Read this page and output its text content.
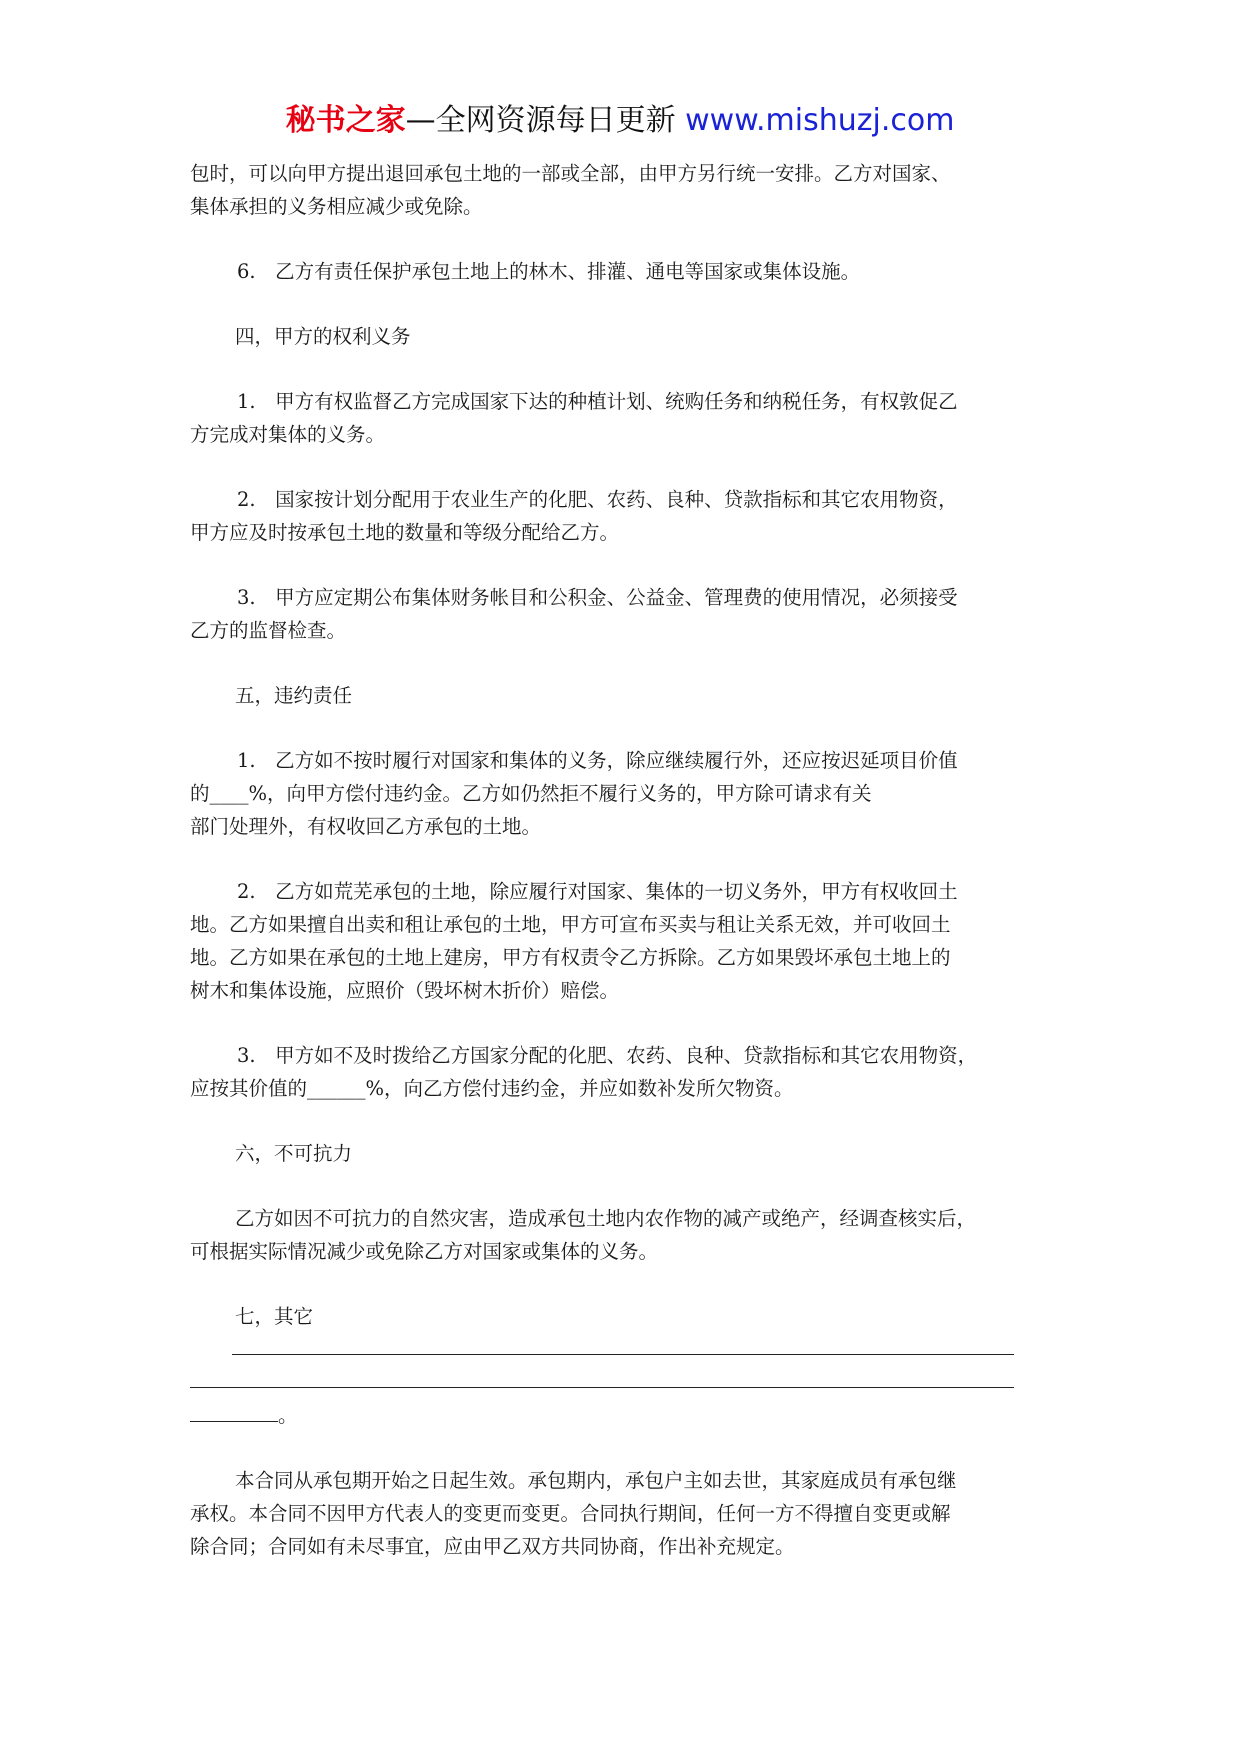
秘书之家—全网资源每日更新 www.mishuzj.com
包时，可以向甲方提出退回承包土地的一部或全部，由甲方另行统一安排。乙方对国家、
集体承担的义务相应减少或免除。
6.　乙方有责任保护承包土地上的林木、排灌、通电等国家或集体设施。
四，甲方的权利义务
1.　甲方有权监督乙方完成国家下达的种植计划、统购任务和纳税任务，有权敦促乙
方完成对集体的义务。
2.　国家按计划分配用于农业生产的化肥、农药、良种、贷款指标和其它农用物资，
甲方应及时按承包土地的数量和等级分配给乙方。
3.　甲方应定期公布集体财务帐目和公积金、公益金、管理费的使用情况，必须接受
乙方的监督检查。
五，违约责任
1.　乙方如不按时履行对国家和集体的义务，除应继续履行外，还应按迟延项目价值
的____%，向甲方偿付违约金。乙方如仍然拒不履行义务的，甲方除可请求有关
部门处理外，有权收回乙方承包的土地。
2.　乙方如荒芜承包的土地，除应履行对国家、集体的一切义务外，甲方有权收回土
地。乙方如果擅自出卖和租让承包的土地，甲方可宣布买卖与租让关系无效，并可收回土
地。乙方如果在承包的土地上建房，甲方有权责令乙方拆除。乙方如果毁坏承包土地上的
树木和集体设施，应照价（毁坏树木折价）赔偿。
3.　甲方如不及时拨给乙方国家分配的化肥、农药、良种、贷款指标和其它农用物资，
应按其价值的______%，向乙方偿付违约金，并应如数补发所欠物资。
六，不可抗力
乙方如因不可抗力的自然灾害，造成承包土地内农作物的减产或绝产，经调查核实后，
可根据实际情况减少或免除乙方对国家或集体的义务。
七，其它
。
本合同从承包期开始之日起生效。承包期内，承包户主如去世，其家庭成员有承包继
承权。本合同不因甲方代表人的变更而变更。合同执行期间，任何一方不得擅自变更或解
除合同；合同如有未尽事宜，应由甲乙双方共同协商，作出补充规定。
